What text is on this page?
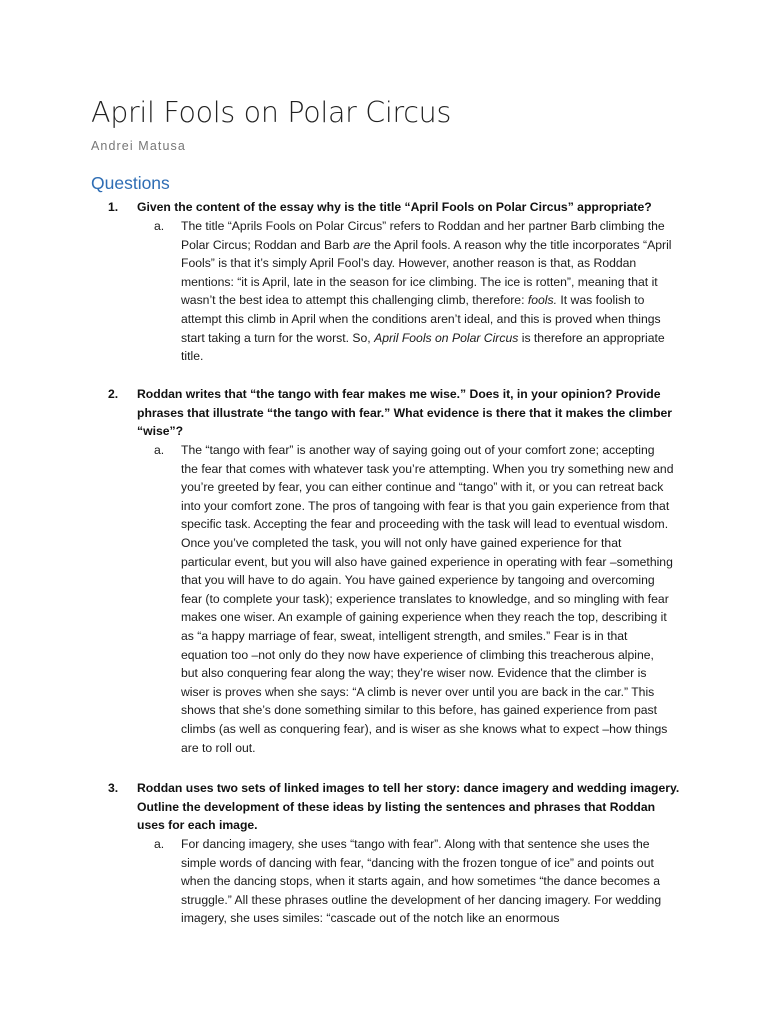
April Fools on Polar Circus
Andrei Matusa
Questions
1. Given the content of the essay why is the title “April Fools on Polar Circus” appropriate?
a. The title “Aprils Fools on Polar Circus” refers to Roddan and her partner Barb climbing the Polar Circus; Roddan and Barb are the April fools. A reason why the title incorporates “April Fools” is that it’s simply April Fool’s day. However, another reason is that, as Roddan mentions: “it is April, late in the season for ice climbing. The ice is rotten”, meaning that it wasn’t the best idea to attempt this challenging climb, therefore: fools. It was foolish to attempt this climb in April when the conditions aren’t ideal, and this is proved when things start taking a turn for the worst. So, April Fools on Polar Circus is therefore an appropriate title.
2. Roddan writes that “the tango with fear makes me wise.” Does it, in your opinion? Provide phrases that illustrate “the tango with fear.” What evidence is there that it makes the climber “wise”?
a. The “tango with fear” is another way of saying going out of your comfort zone; accepting the fear that comes with whatever task you’re attempting. When you try something new and you’re greeted by fear, you can either continue and “tango” with it, or you can retreat back into your comfort zone. The pros of tangoing with fear is that you gain experience from that specific task. Accepting the fear and proceeding with the task will lead to eventual wisdom. Once you’ve completed the task, you will not only have gained experience for that particular event, but you will also have gained experience in operating with fear –something that you will have to do again. You have gained experience by tangoing and overcoming fear (to complete your task); experience translates to knowledge, and so mingling with fear makes one wiser. An example of gaining experience when they reach the top, describing it as “a happy marriage of fear, sweat, intelligent strength, and smiles.” Fear is in that equation too –not only do they now have experience of climbing this treacherous alpine, but also conquering fear along the way; they’re wiser now. Evidence that the climber is wiser is proves when she says: “A climb is never over until you are back in the car.” This shows that she’s done something similar to this before, has gained experience from past climbs (as well as conquering fear), and is wiser as she knows what to expect –how things are to roll out.
3. Roddan uses two sets of linked images to tell her story: dance imagery and wedding imagery. Outline the development of these ideas by listing the sentences and phrases that Roddan uses for each image.
a. For dancing imagery, she uses “tango with fear”. Along with that sentence she uses the simple words of dancing with fear, “dancing with the frozen tongue of ice” and points out when the dancing stops, when it starts again, and how sometimes “the dance becomes a struggle.” All these phrases outline the development of her dancing imagery. For wedding imagery, she uses similes: “cascade out of the notch like an enormous
